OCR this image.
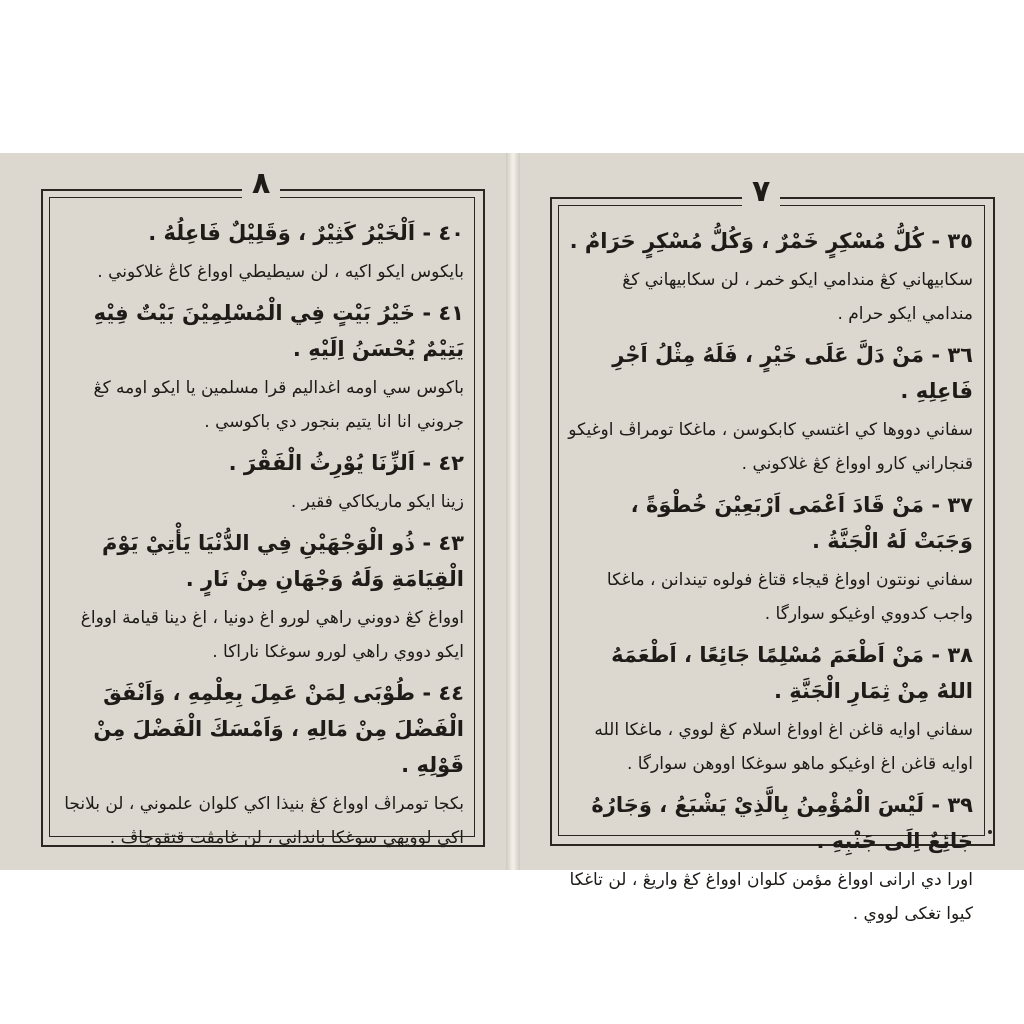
٨

٤٠ - اَلْخَيْرُ كَثِيْرٌ ، وَقَلِيْلٌ فَاعِلُهُ .

بايكوس ايكو اكيه ، لن سيطيطي اوواغ كاڠ غلاكوني .

٤١ - خَيْرُ بَيْتٍ فِي الْمُسْلِمِيْنَ بَيْتٌ فِيْهِ يَتِيْمٌ يُحْسَنُ اِلَيْهِ .

باكوس سي اومه اغداليم قرا مسلمين يا ايكو اومه كڠ جروني انا انا يتيم بنجور دي باكوسي .

٤٢ - اَلزِّنَا يُوْرِثُ الْفَقْرَ .

زينا ايكو ماريكاكي فقير .

٤٣ - ذُو الْوَجْهَيْنِ فِي الدُّنْيَا يَأْتِيْ يَوْمَ الْقِيَامَةِ وَلَهُ وَجْهَانِ مِنْ نَارٍ .

اوواغ كڠ دووني راهي لورو اغ دونيا ، اغ دينا قيامة اوواغ ايكو دووي راهي لورو سوغكا ناراكا .

٤٤ - طُوْبَى لِمَنْ عَمِلَ بِعِلْمِهِ ، وَاَنْفَقَ الْفَضْلَ مِنْ مَالِهِ ، وَاَمْسَكَ الْفَضْلَ مِنْ قَوْلِهِ .

بكجا تومراڤ اوواغ كڠ بنيذا اكي كلوان علموني ، لن بلانجا اكي لوويهي سوغكا باندانى ، لن غامڤت قتقوچاڤ .

٧

٣٥ - كُلُّ مُسْكِرٍ خَمْرٌ ، وَكُلُّ مُسْكِرٍ حَرَامٌ .

سكابيهاني كڠ مندامي ايكو خمر ، لن سكابيهاني كڠ مندامي ايكو حرام .

٣٦ - مَنْ دَلَّ عَلَى خَيْرٍ ، فَلَهُ مِثْلُ اَجْرِ فَاعِلِهِ .

سفاني دووها كي اغتسي كابكوسن ، ماغكا تومراڤ اوغيكو قنجاراني كارو اوواغ كڠ غلاكوني .

٣٧ - مَنْ قَادَ اَعْمَى اَرْبَعِيْنَ خُطْوَةً ، وَجَبَتْ لَهُ الْجَنَّةُ .

سفاني نونتون اوواغ قيجاء قتاغ فولوه تيندانن ، ماغكا واجب كدووي اوغيكو سوارگا .

٣٨ - مَنْ اَطْعَمَ مُسْلِمًا جَائِعًا ، اَطْعَمَهُ اللهُ مِنْ ثِمَارِ الْجَنَّةِ .

سفاني اوايه قاغن اغ اوواغ اسلام كڠ لووي ، ماغكا الله اوايه قاغن اغ اوغيكو ماهو سوغكا اووهن سوارگا .

٣٩ - لَيْسَ الْمُؤْمِنُ بِالَّذِيْ يَشْبَعُ ، وَجَارُهُ جَائِعٌ اِلَى جَنْبِهِ .

اورا دي ارانى اوواغ مؤمن كلوان اوواغ كڠ واريڠ ، لن تاغكا كيوا تغكى لووي .
